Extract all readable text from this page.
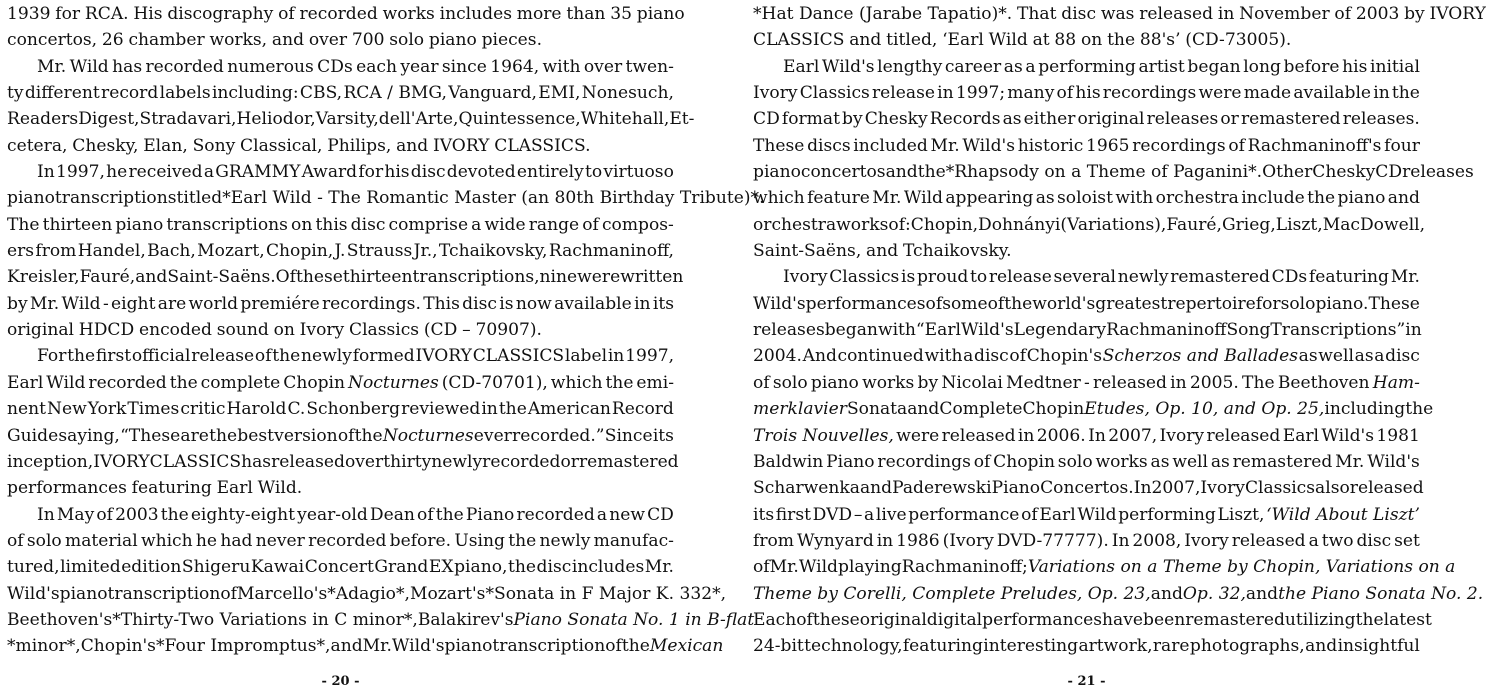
1939 for RCA. His discography of recorded works includes more than 35 piano
concertos, 26 chamber works, and over 700 solo piano pieces.
Mr. Wild has recorded numerous CDs each year since 1964, with over twen-
ty different record labels including: CBS, RCA / BMG, Vanguard, EMI, Nonesuch,
Readers Digest, Stradavari, Heliodor, Varsity, dell'Arte, Quintessence, Whitehall, Et-
cetera, Chesky, Elan, Sony Classical, Philips, and IVORY CLASSICS.
In 1997, he received a GRAMMY Award for his disc devoted entirely to virtuoso
piano transcriptions titled *Earl Wild - The Romantic Master (an 80th Birthday Tribute)*.
The thirteen piano transcriptions on this disc comprise a wide range of compos-
ers from Handel, Bach, Mozart, Chopin, J. Strauss Jr., Tchaikovsky, Rachmaninoff,
Kreisler, Fauré, and Saint-Saëns. Of these thirteen transcriptions, nine were written
by Mr. Wild - eight are world premiére recordings. This disc is now available in its
original HDCD encoded sound on Ivory Classics (CD – 70907).
For the first official release of the newly formed IVORY CLASSICS label in 1997,
Earl Wild recorded the complete Chopin Nocturnes (CD-70701), which the emi-
nent New York Times critic Harold C. Schonberg reviewed in the American Record
Guide saying, “These are the best version of the Nocturnes ever recorded.” Since its
inception, IVORY CLASSICS has released over thirty newly recorded or remastered
performances featuring Earl Wild.
In May of 2003 the eighty-eight year-old Dean of the Piano recorded a new CD
of solo material which he had never recorded before. Using the newly manufac-
tured, limited edition Shigeru Kawai Concert Grand EX piano, the disc includes Mr.
Wild's piano transcription of Marcello's *Adagio*, Mozart's *Sonata in F Major K. 332*,
Beethoven's *Thirty-Two Variations in C minor*, Balakirev's Piano Sonata No. 1 in B-flat
*minor*, Chopin's *Four Impromptus*, and Mr. Wild's piano transcription of the Mexican
- 20 -
*Hat Dance (Jarabe Tapatio)*. That disc was released in November of 2003 by IVORY
CLASSICS and titled, ‘Earl Wild at 88 on the 88's’ (CD-73005).
Earl Wild's lengthy career as a performing artist began long before his initial
Ivory Classics release in 1997; many of his recordings were made available in the
CD format by Chesky Records as either original releases or remastered releases.
These discs included Mr. Wild's historic 1965 recordings of Rachmaninoff's four
piano concertos and the *Rhapsody on a Theme of Paganini*. Other Chesky CD releases
which feature Mr. Wild appearing as soloist with orchestra include the piano and
orchestra works of: Chopin, Dohnányi (Variations), Fauré, Grieg, Liszt, MacDowell,
Saint-Saëns, and Tchaikovsky.
Ivory Classics is proud to release several newly remastered CDs featuring Mr.
Wild's performances of some of the world's greatest repertoire for solo piano. These
releases began with “Earl Wild's Legendary Rachmaninoff Song Transcriptions” in
2004. And continued with a disc of Chopin's Scherzos and Ballades as well as a disc
of solo piano works by Nicolai Medtner - released in 2005. The Beethoven Ham-
merklavier Sonata and Complete Chopin Etudes, Op. 10, and Op. 25, including the
Trois Nouvelles, were released in 2006. In 2007, Ivory released Earl Wild's 1981
Baldwin Piano recordings of Chopin solo works as well as remastered Mr. Wild's
Scharwenka and Paderewski Piano Concertos. In 2007, Ivory Classics also released
its first DVD – a live performance of Earl Wild performing Liszt, ‘Wild About Liszt’
from Wynyard in 1986 (Ivory DVD-77777). In 2008, Ivory released a two disc set
of Mr. Wild playing Rachmaninoff; Variations on a Theme by Chopin, Variations on a
Theme by Corelli, Complete Preludes, Op. 23, and Op. 32, and the Piano Sonata No. 2.
Each of these original digital performances have been remastered utilizing the latest
24-bit technology, featuring interesting artwork, rare photographs, and insightful
- 21 -
